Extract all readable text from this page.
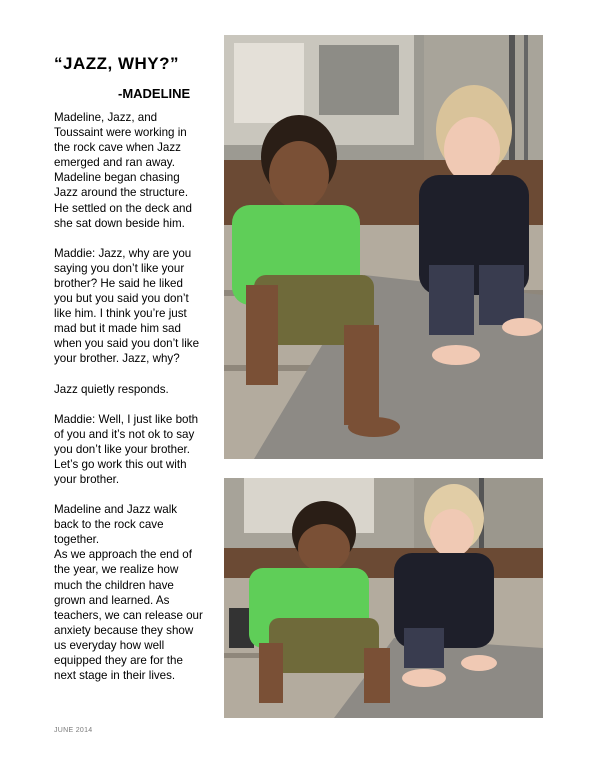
“JAZZ, WHY?”
-MADELINE

Madeline, Jazz, and Toussaint were working in the rock cave when Jazz emerged and ran away. Madeline began chasing Jazz around the structure. He settled on the deck and she sat down beside him.

Maddie: Jazz, why are you saying you don’t like your brother? He said he liked you but you said you don’t like him. I think you’re just mad but it made him sad when you said you don’t like your brother. Jazz, why?

Jazz quietly responds.

Maddie: Well, I just like both of you and it’s not ok to say you don’t like your brother. Let’s go work this out with your brother.

Madeline and Jazz walk back to the rock cave together.

As we approach the end of the year, we realize how much the children have grown and learned. As teachers, we can release our anxiety because they show us everyday how well equipped they are for the next stage in their lives.

JUNE 2014
